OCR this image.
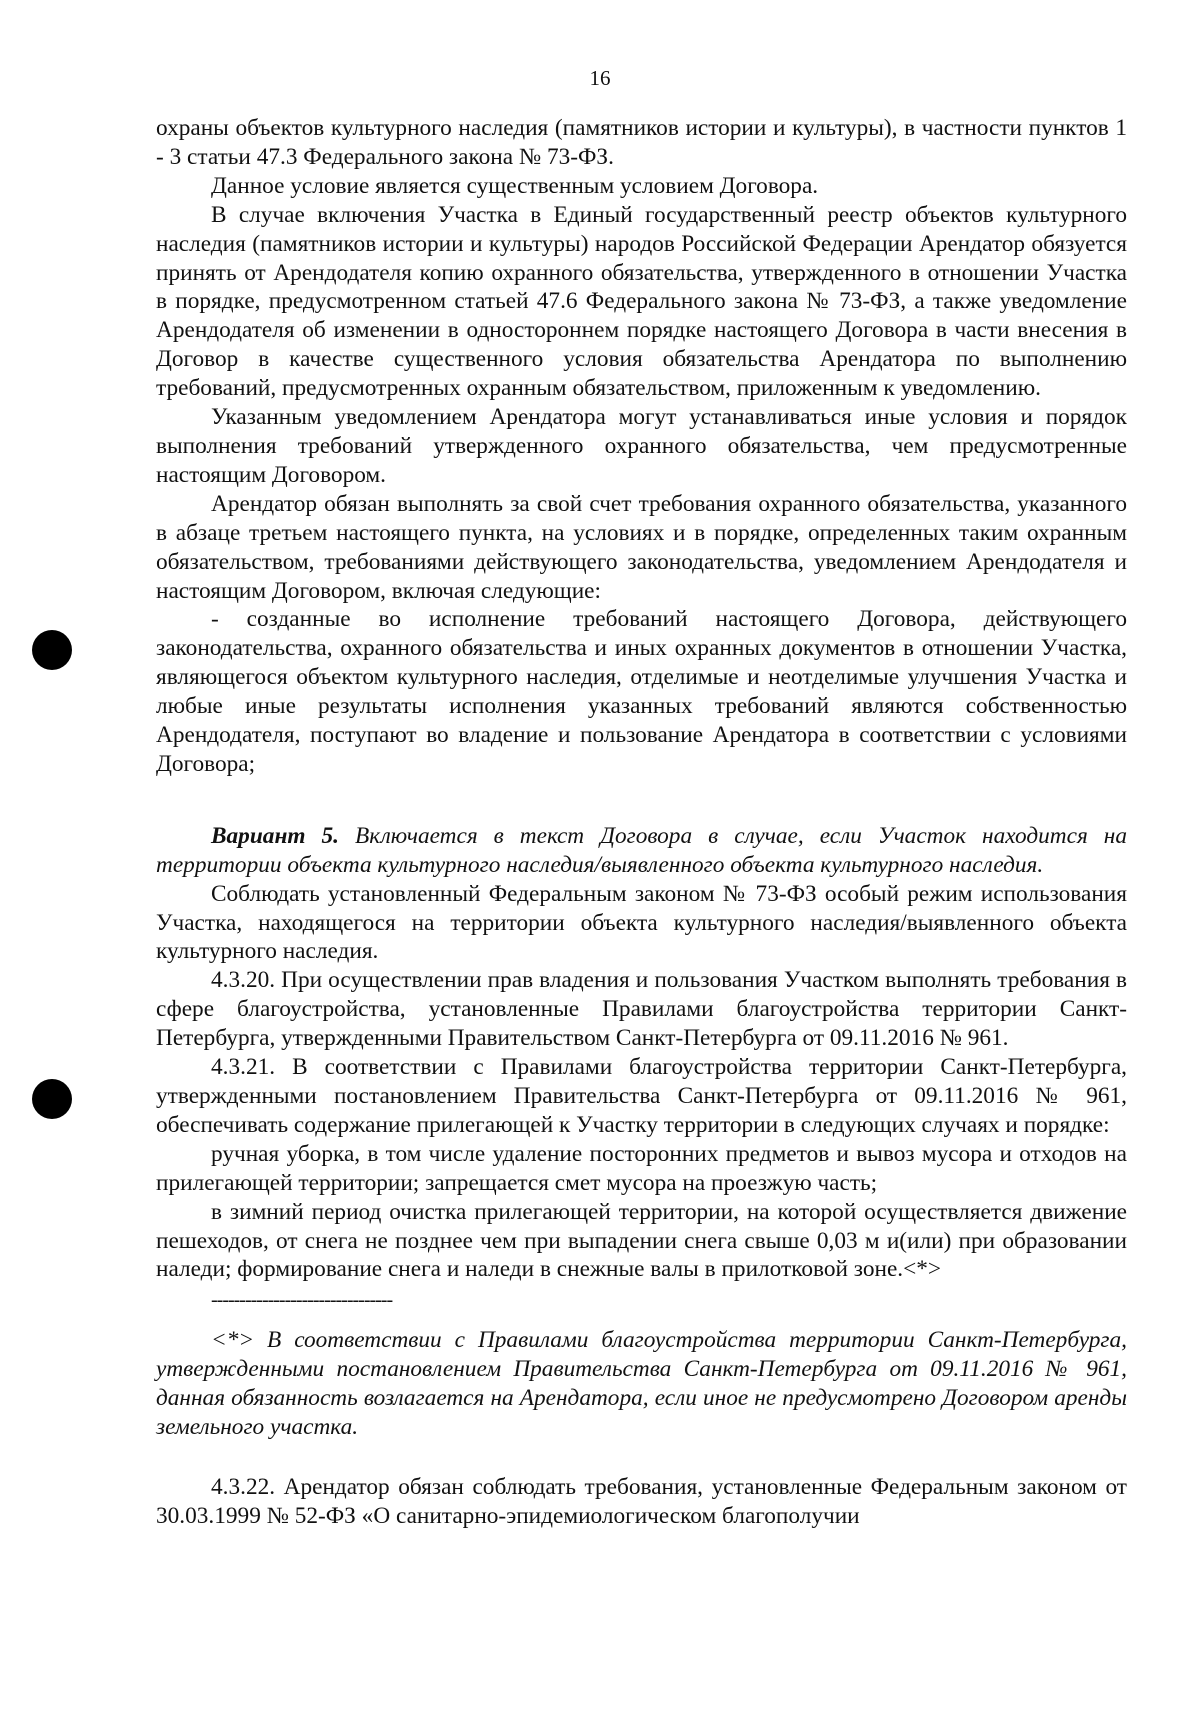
16

охраны объектов культурного наследия (памятников истории и культуры), в частности пунктов 1 - 3 статьи 47.3 Федерального закона № 73-ФЗ.

Данное условие является существенным условием Договора.

В случае включения Участка в Единый государственный реестр объектов культурного наследия (памятников истории и культуры) народов Российской Федерации Арендатор обязуется принять от Арендодателя копию охранного обязательства, утвержденного в отношении Участка в порядке, предусмотренном статьей 47.6 Федерального закона № 73-ФЗ, а также уведомление Арендодателя об изменении в одностороннем порядке настоящего Договора в части внесения в Договор в качестве существенного условия обязательства Арендатора по выполнению требований, предусмотренных охранным обязательством, приложенным к уведомлению.

Указанным уведомлением Арендатора могут устанавливаться иные условия и порядок выполнения требований утвержденного охранного обязательства, чем предусмотренные настоящим Договором.

Арендатор обязан выполнять за свой счет требования охранного обязательства, указанного в абзаце третьем настоящего пункта, на условиях и в порядке, определенных таким охранным обязательством, требованиями действующего законодательства, уведомлением Арендодателя и настоящим Договором, включая следующие:

- созданные во исполнение требований настоящего Договора, действующего законодательства, охранного обязательства и иных охранных документов в отношении Участка, являющегося объектом культурного наследия, отделимые и неотделимые улучшения Участка и любые иные результаты исполнения указанных требований являются собственностью Арендодателя, поступают во владение и пользование Арендатора в соответствии с условиями Договора;

Вариант 5. Включается в текст Договора в случае, если Участок находится на территории объекта культурного наследия/выявленного объекта культурного наследия.

Соблюдать установленный Федеральным законом № 73-ФЗ особый режим использования Участка, находящегося на территории объекта культурного наследия/выявленного объекта культурного наследия.

4.3.20. При осуществлении прав владения и пользования Участком выполнять требования в сфере благоустройства, установленные Правилами благоустройства территории Санкт-Петербурга, утвержденными Правительством Санкт-Петербурга от 09.11.2016 № 961.

4.3.21. В соответствии с Правилами благоустройства территории Санкт-Петербурга, утвержденными постановлением Правительства Санкт-Петербурга от 09.11.2016 № 961, обеспечивать содержание прилегающей к Участку территории в следующих случаях и порядке:

ручная уборка, в том числе удаление посторонних предметов и вывоз мусора и отходов на прилегающей территории; запрещается смет мусора на проезжую часть;

в зимний период очистка прилегающей территории, на которой осуществляется движение пешеходов, от снега не позднее чем при выпадении снега свыше 0,03 м и(или) при образовании наледи; формирование снега и наледи в снежные валы в прилотковой зоне.<*>

--------------------------------

<*> В соответствии с Правилами благоустройства территории Санкт-Петербурга, утвержденными постановлением Правительства Санкт-Петербурга от 09.11.2016 № 961, данная обязанность возлагается на Арендатора, если иное не предусмотрено Договором аренды земельного участка.

4.3.22. Арендатор обязан соблюдать требования, установленные Федеральным законом от 30.03.1999 № 52-ФЗ «О санитарно-эпидемиологическом благополучии
